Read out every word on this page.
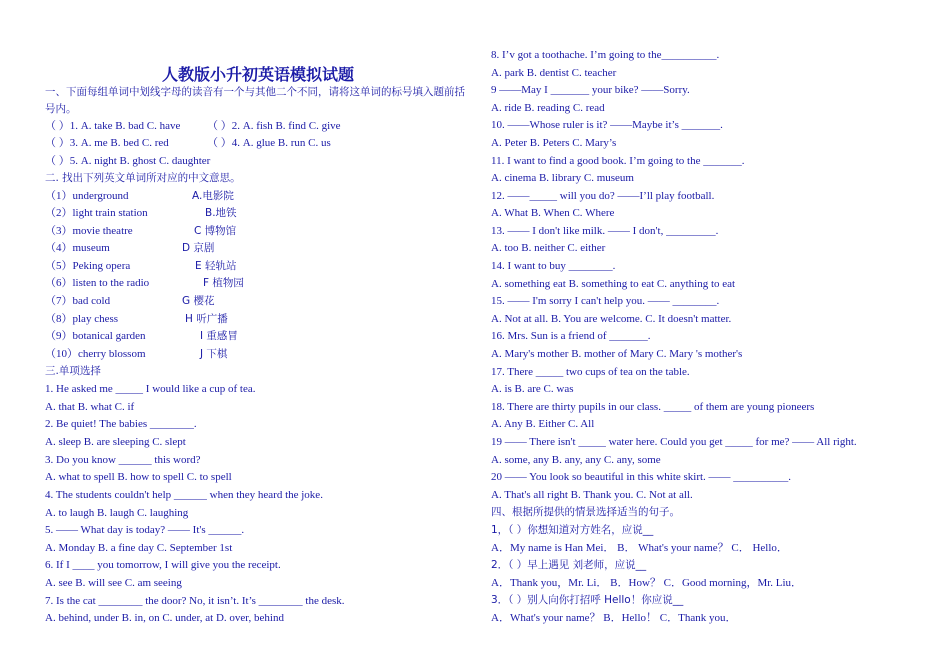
人教版小升初英语模拟试题
一、下面每组单词中划线字母的读音有一个与其他二个不同，请将这单词的标号填入题前括号内。
（ ）1. A. take B. bad C. have （ ）2. A. fish B. find C. give
（ ）3. A. me B. bed C. red	（ ）4. A. glue B. run C. us
（ ）5. A. night B. ghost C. daughter
二. 找出下列英文单词所对应的中文意思。
（1）underground	A.电影院
（2）light train station	B.地铁
（3）movie theatre	C 博物馆
（4）museum	D 京剧
（5）Peking opera	E 轻轨站
（6）listen to the radio	F 植物园
（7）bad cold	G 樱花
（8）play chess	H 听广播
（9）botanical garden	I 重感冒
（10）cherry blossom	J 下棋
三.单项选择
1. He asked me _____ I would like a cup of tea.
A. that B. what C. if
2. Be quiet! The babies ________.
A. sleep B. are sleeping C. slept
3. Do you know ______ this word?
A. what to spell B. how to spell C. to spell
4. The students couldn't help ______ when they heard the joke.
A. to laugh B. laugh C. laughing
5. —— What day is today? —— It's ______.
A. Monday B. a fine day C. September 1st
6. If I ____ you tomorrow, I will give you the receipt.
A. see B. will see C. am seeing
7. Is the cat ________ the door? No, it isn’t. It’s ________ the desk.
A. behind, under B. in, on C. under, at D. over, behind
8. I’v got a toothache. I’m going to the__________.
A. park B. dentist C. teacher
9 ——May I _______ your bike? ——Sorry.
A. ride B. reading C. read
10. ——Whose ruler is it? ——Maybe it’s _______.
A. Peter B. Peters C. Mary’s
11. I want to find a good book. I’m going to the _______.
A. cinema B. library C. museum
12. ——_____ will you do? ——I’ll play football.
A. What B. When C. Where
13. —— I don't like milk. —— I don't, _________.
A. too B. neither C. either
14. I want to buy ________.
A. something eat B. something to eat C. anything to eat
15. —— I'm sorry I can't help you. —— ________.
A. Not at all. B. You are welcome. C. It doesn't matter.
16. Mrs. Sun is a friend of _______.
A. Mary's mother B. mother of Mary C. Mary 's mother's
17. There _____ two cups of tea on the table.
A. is B. are C. was
18. There are thirty pupils in our class. _____ of them are young pioneers
A. Any B. Either C. All
19 —— There isn't _____ water here. Could you get _____ for me? —— All right.
A. some, any B. any, any C. any, some
20 —— You look so beautiful in this white skirt. —— __________.
A. That's all right B. Thank you. C. Not at all.
四、根据所提供的情景选择适当的句子。
1，（ ）你想知道对方姓名，应说__
A．My name is Han Mei． B． What's your name？ C． Hello．
2．（ ）早上遇见 刘老师，应说__
A．Thank you，Mr. Li． B．How？ C．Good morning，Mr. Liu．
3．（ ）别人向你打招呼 Hello！你应说__
A．What's your name？ B．Hello！ C．Thank you．
